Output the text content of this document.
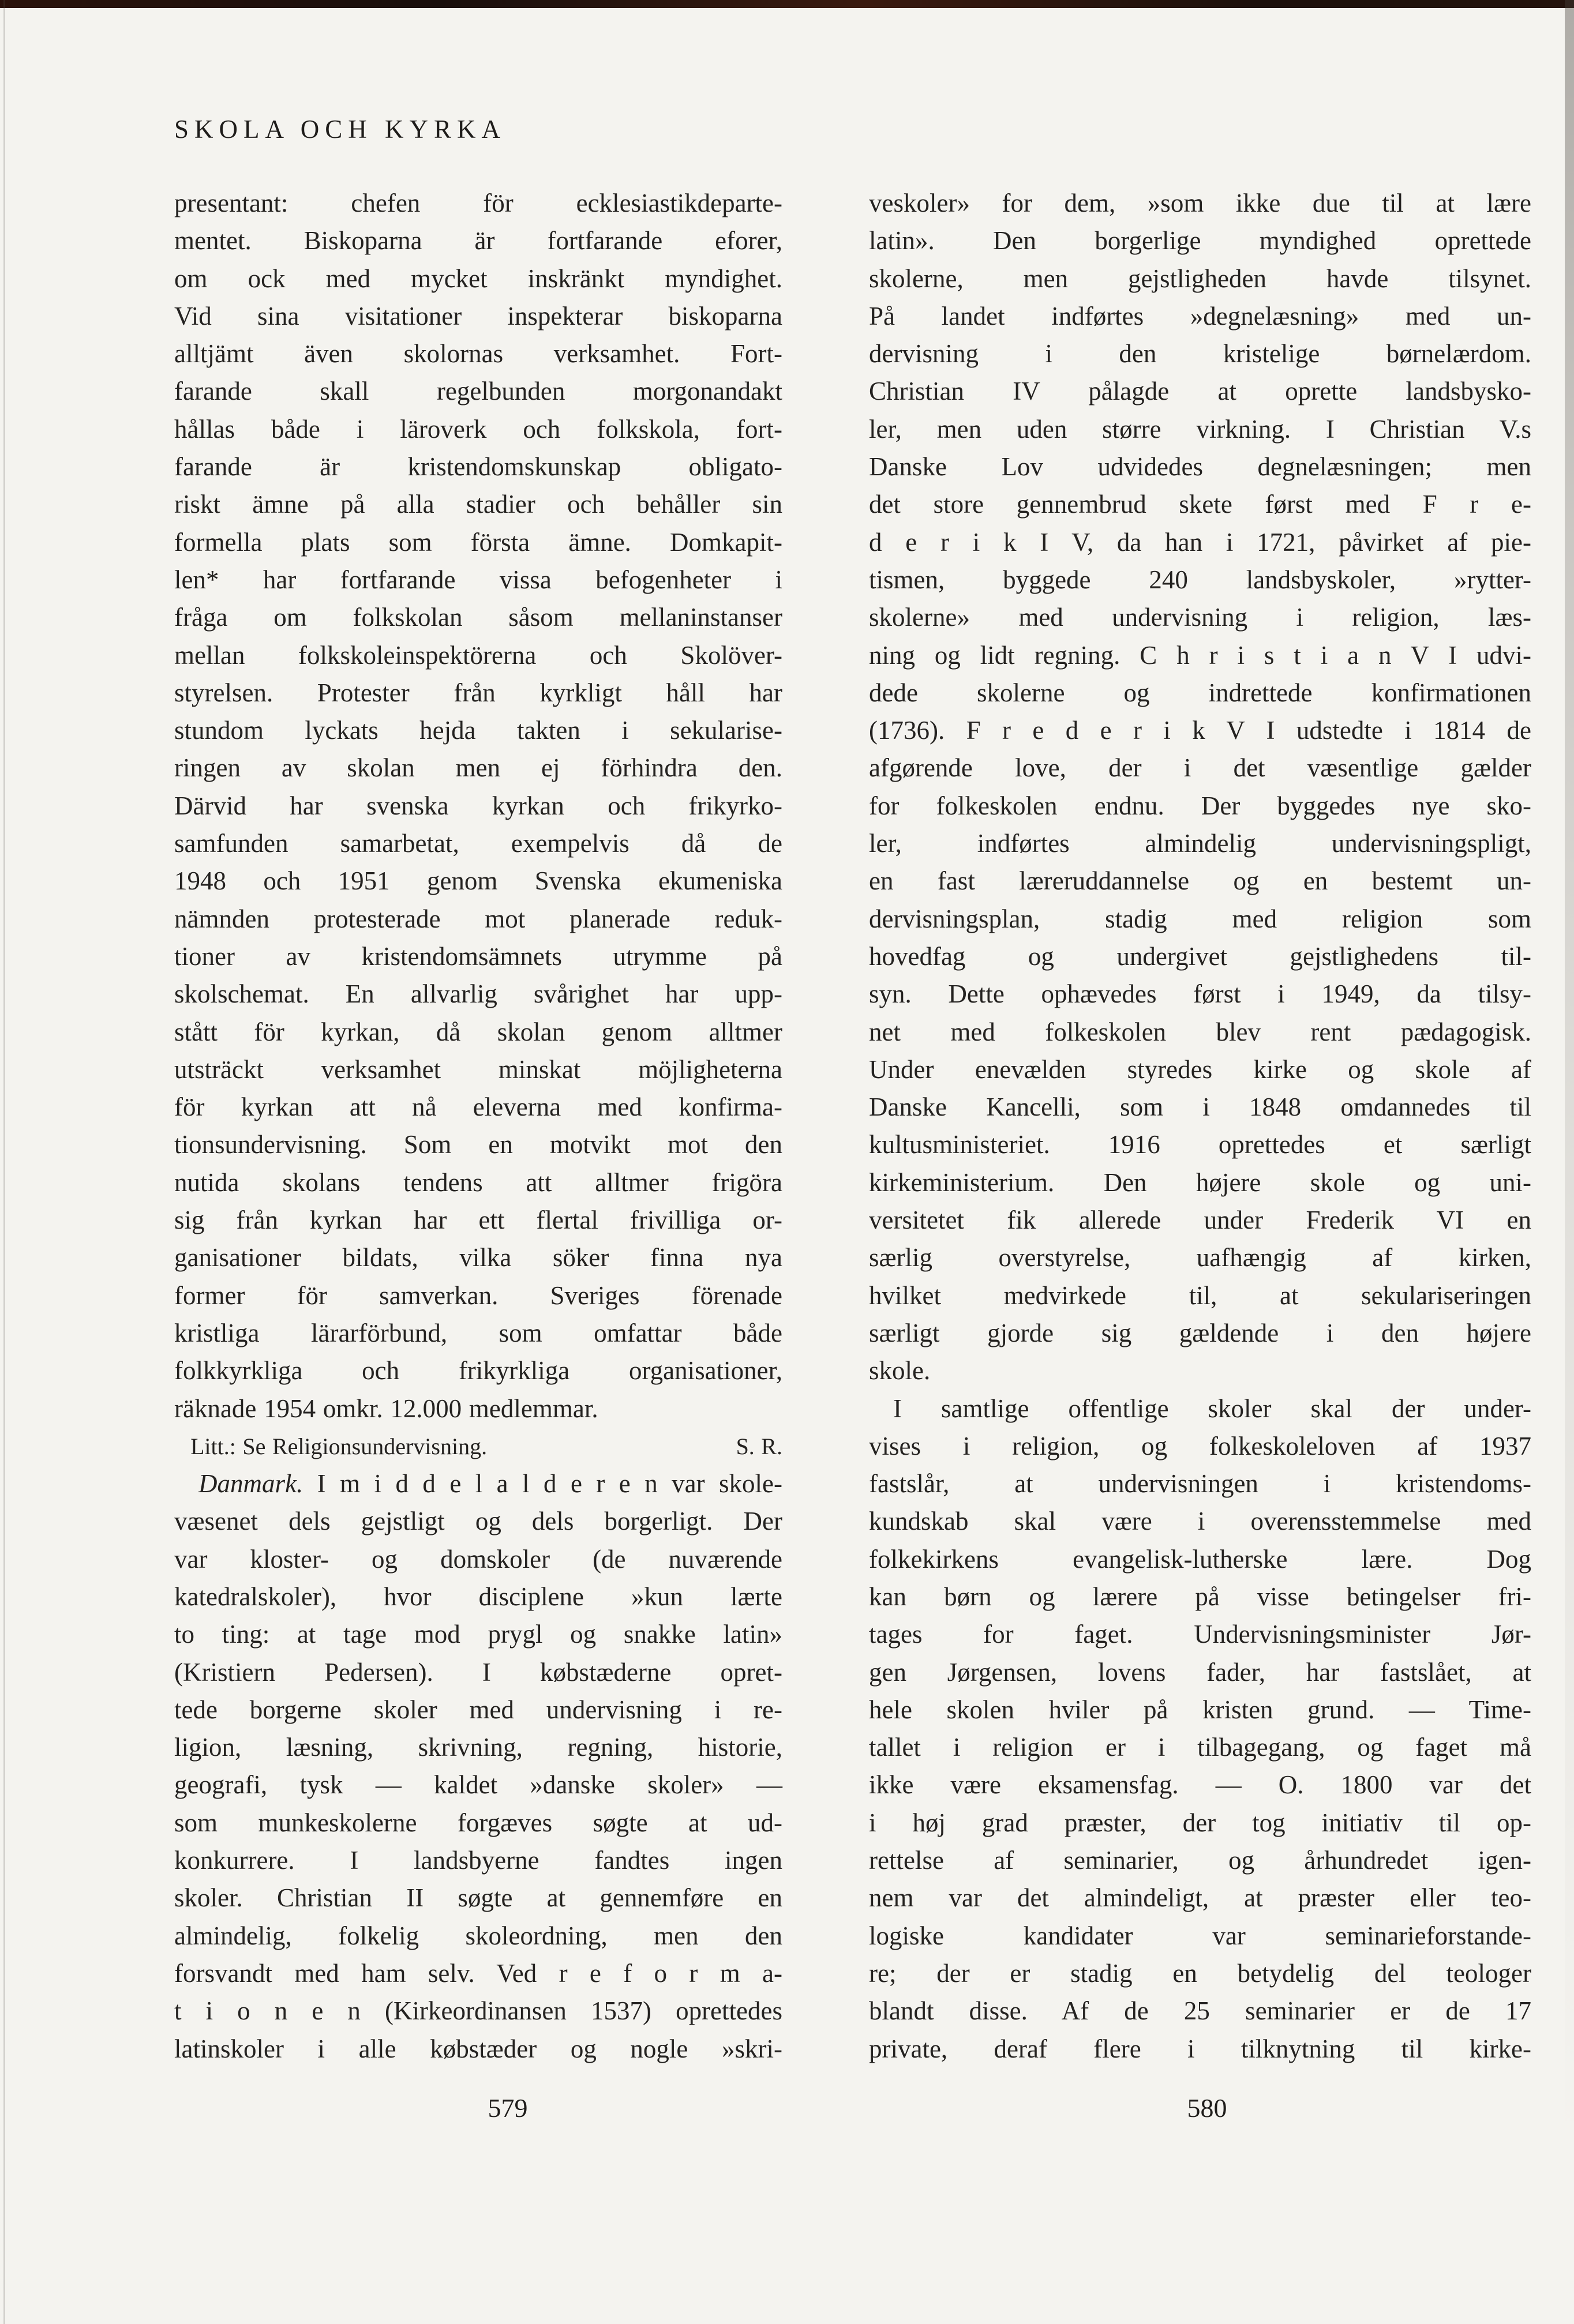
SKOLA OCH KYRKA
presentant: chefen för ecklesiastikdeparte-
mentet. Biskoparna är fortfarande eforer,
om ock med mycket inskränkt myndighet.
Vid sina visitationer inspekterar biskoparna
alltjämt även skolornas verksamhet. Fort-
farande skall regelbunden morgonandakt
hållas både i läroverk och folkskola, fort-
farande är kristendomskunskap obligato-
riskt ämne på alla stadier och behåller sin
formella plats som första ämne. Domkapit-
len* har fortfarande vissa befogenheter i
fråga om folkskolan såsom mellaninstanser
mellan folkskoleinspektörerna och Skolöver-
styrelsen. Protester från kyrkligt håll har
stundom lyckats hejda takten i sekularise-
ringen av skolan men ej förhindra den.
Därvid har svenska kyrkan och frikyrko-
samfunden samarbetat, exempelvis då de
1948 och 1951 genom Svenska ekumeniska
nämnden protesterade mot planerade reduk-
tioner av kristendomsämnets utrymme på
skolschemat. En allvarlig svårighet har upp-
stått för kyrkan, då skolan genom alltmer
utsträckt verksamhet minskat möjligheterna
för kyrkan att nå eleverna med konfirma-
tionsundervisning. Som en motvikt mot den
nutida skolans tendens att alltmer frigöra
sig från kyrkan har ett flertal frivilliga or-
ganisationer bildats, vilka söker finna nya
former för samverkan. Sveriges förenade
kristliga lärarförbund, som omfattar både
folkkyrkliga och frikyrkliga organisationer,
räknade 1954 omkr. 12.000 medlemmar.
Litt.: Se Religionsundervisning.	S. R.
Danmark. I m i d d e l a l d e r e n var skole-
væsenet dels gejstligt og dels borgerligt. Der
var kloster- og domskoler (de nuværende
katedralskoler), hvor disciplene »kun lærte
to ting: at tage mod prygl og snakke latin»
(Kristiern Pedersen). I købstæderne opret-
tede borgerne skoler med undervisning i re-
ligion, læsning, skrivning, regning, historie,
geografi, tysk — kaldet »danske skoler» —
som munkeskolerne forgæves søgte at ud-
konkurrere. I landsbyerne fandtes ingen
skoler. Christian II søgte at gennemføre en
almindelig, folkelig skoleordning, men den
forsvandt med ham selv. Ved r e f o r m a-
t i o n e n (Kirkeordinansen 1537) oprettedes
latinskoler i alle købstæder og nogle »skri-
veskoler» for dem, »som ikke due til at lære
latin». Den borgerlige myndighed oprettede
skolerne, men gejstligheden havde tilsynet.
På landet indførtes »degnelæsning» med un-
dervisning i den kristelige børnelærdom.
Christian IV pålagde at oprette landsbysko-
ler, men uden større virkning. I Christian V.s
Danske Lov udvidedes degnelæsningen; men
det store gennembrud skete først med F r e-
d e r i k I V, da han i 1721, påvirket af pie-
tismen, byggede 240 landsbyskoler, »rytter-
skolerne» med undervisning i religion, læs-
ning og lidt regning. C h r i s t i a n V I udvi-
dede skolerne og indrettede konfirmationen
(1736). F r e d e r i k V I udstedte i 1814 de
afgørende love, der i det væsentlige gælder
for folkeskolen endnu. Der byggedes nye sko-
ler, indførtes almindelig undervisningspligt,
en fast læreruddannelse og en bestemt un-
dervisningsplan, stadig med religion som
hovedfag og undergivet gejstlighedens til-
syn. Dette ophævedes først i 1949, da tilsy-
net med folkeskolen blev rent pædagogisk.
Under enevælden styredes kirke og skole af
Danske Kancelli, som i 1848 omdannedes til
kultusministeriet. 1916 oprettedes et særligt
kirkeministerium. Den højere skole og uni-
versitetet fik allerede under Frederik VI en
særlig overstyrelse, uafhængig af kirken,
hvilket medvirkede til, at sekulariseringen
særligt gjorde sig gældende i den højere
skole.
I samtlige offentlige skoler skal der under-
vises i religion, og folkeskoleloven af 1937
fastslår, at undervisningen i kristendoms-
kundskab skal være i overensstemmelse med
folkekirkens evangelisk-lutherske lære. Dog
kan børn og lærere på visse betingelser fri-
tages for faget. Undervisningsminister Jør-
gen Jørgensen, lovens fader, har fastslået, at
hele skolen hviler på kristen grund. — Time-
tallet i religion er i tilbagegang, og faget må
ikke være eksamensfag. — O. 1800 var det
i høj grad præster, der tog initiativ til op-
rettelse af seminarier, og århundredet igen-
nem var det almindeligt, at præster eller teo-
logiske kandidater var seminarieforstande-
re; der er stadig en betydelig del teologer
blandt disse. Af de 25 seminarier er de 17
private, deraf flere i tilknytning til kirke-
579	580
